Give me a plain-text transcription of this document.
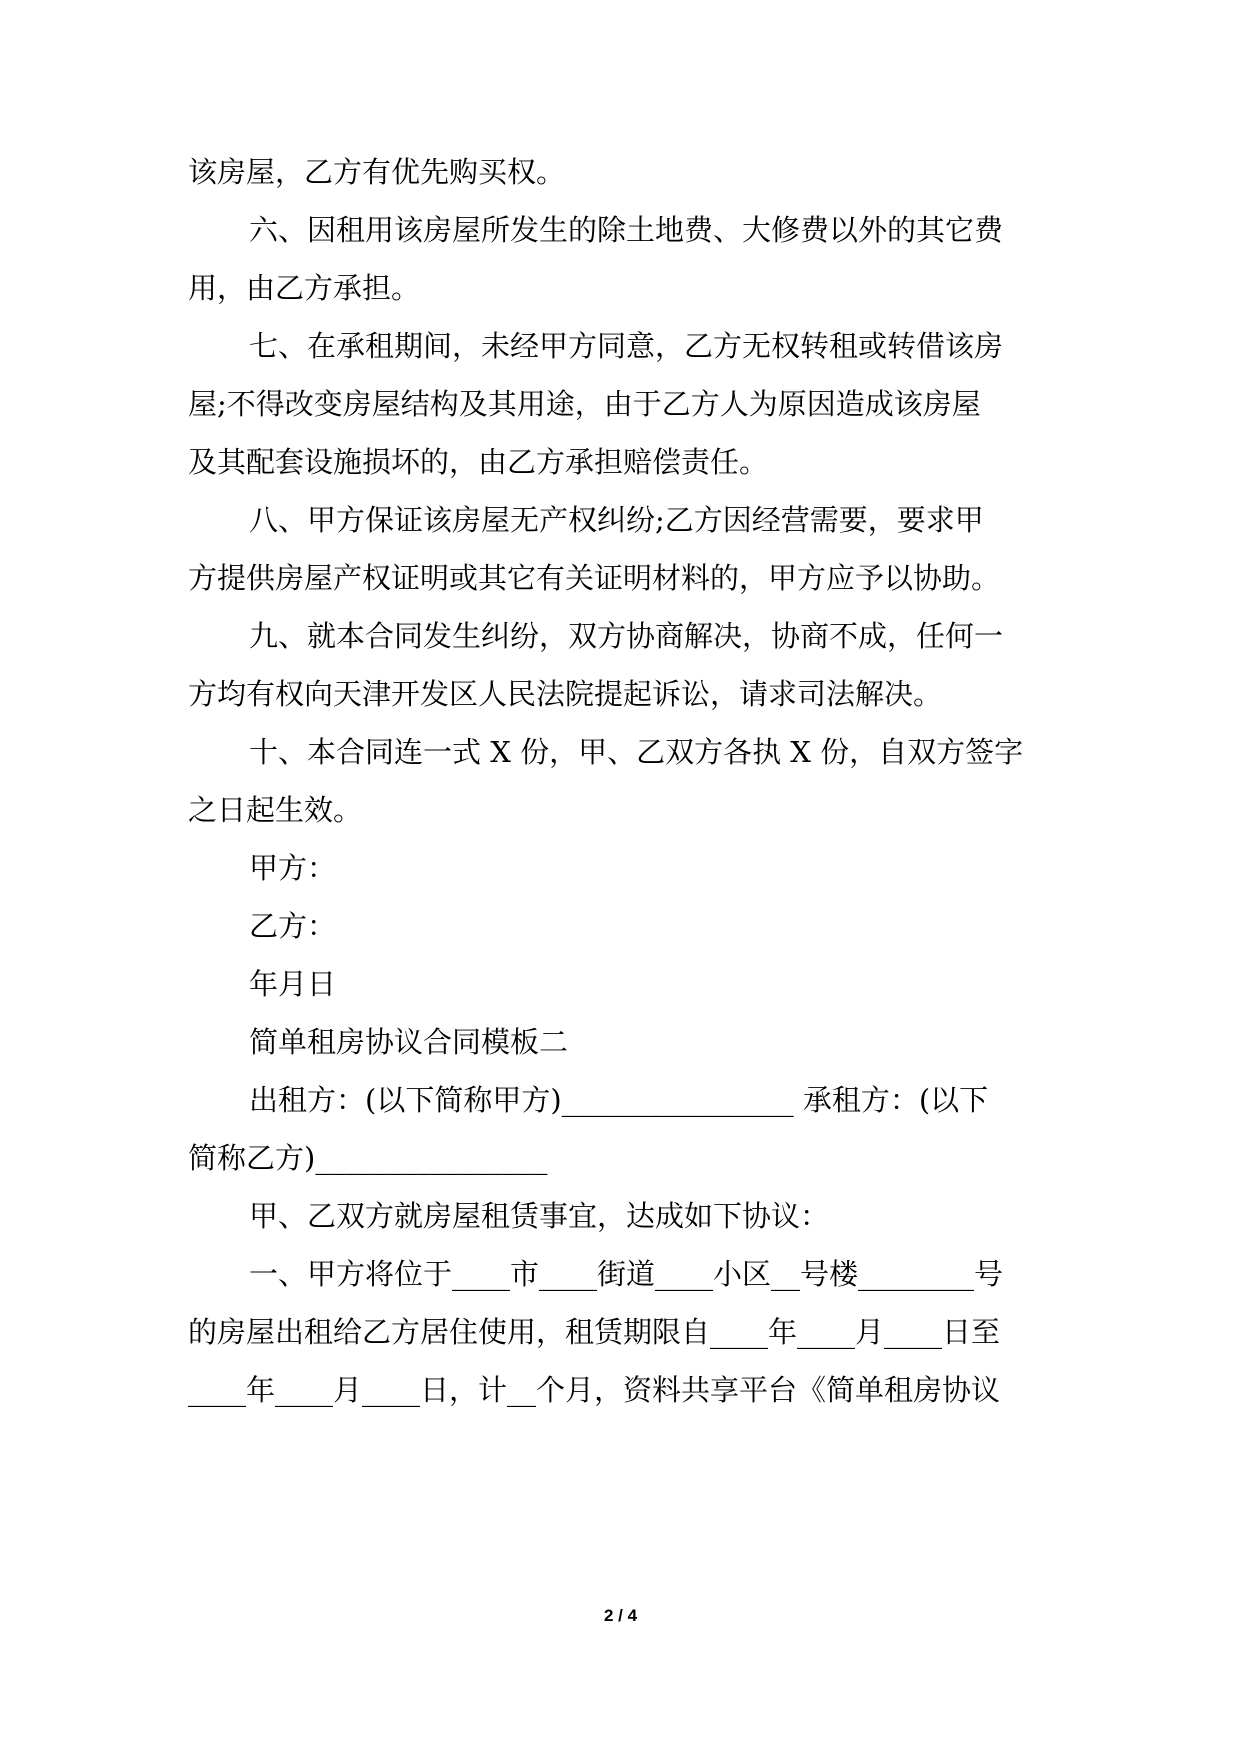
该房屋，乙方有优先购买权。
六、因租用该房屋所发生的除土地费、大修费以外的其它费
用，由乙方承担。
七、在承租期间，未经甲方同意，乙方无权转租或转借该房
屋;不得改变房屋结构及其用途，由于乙方人为原因造成该房屋
及其配套设施损坏的，由乙方承担赔偿责任。
八、甲方保证该房屋无产权纠纷;乙方因经营需要，要求甲
方提供房屋产权证明或其它有关证明材料的，甲方应予以协助。
九、就本合同发生纠纷，双方协商解决，协商不成，任何一
方均有权向天津开发区人民法院提起诉讼，请求司法解决。
十、本合同连一式 X 份，甲、乙双方各执 X 份，自双方签字
之日起生效。
甲方：
乙方：
年月日
简单租房协议合同模板二
出租方：(以下简称甲方)________________ 承租方：(以下
简称乙方)________________
甲、乙双方就房屋租赁事宜，达成如下协议：
一、甲方将位于____市____街道____小区__号楼________号
的房屋出租给乙方居住使用，租赁期限自____年____月____日至
____年____月____日，计__个月，资料共享平台《简单租房协议
2 / 4
